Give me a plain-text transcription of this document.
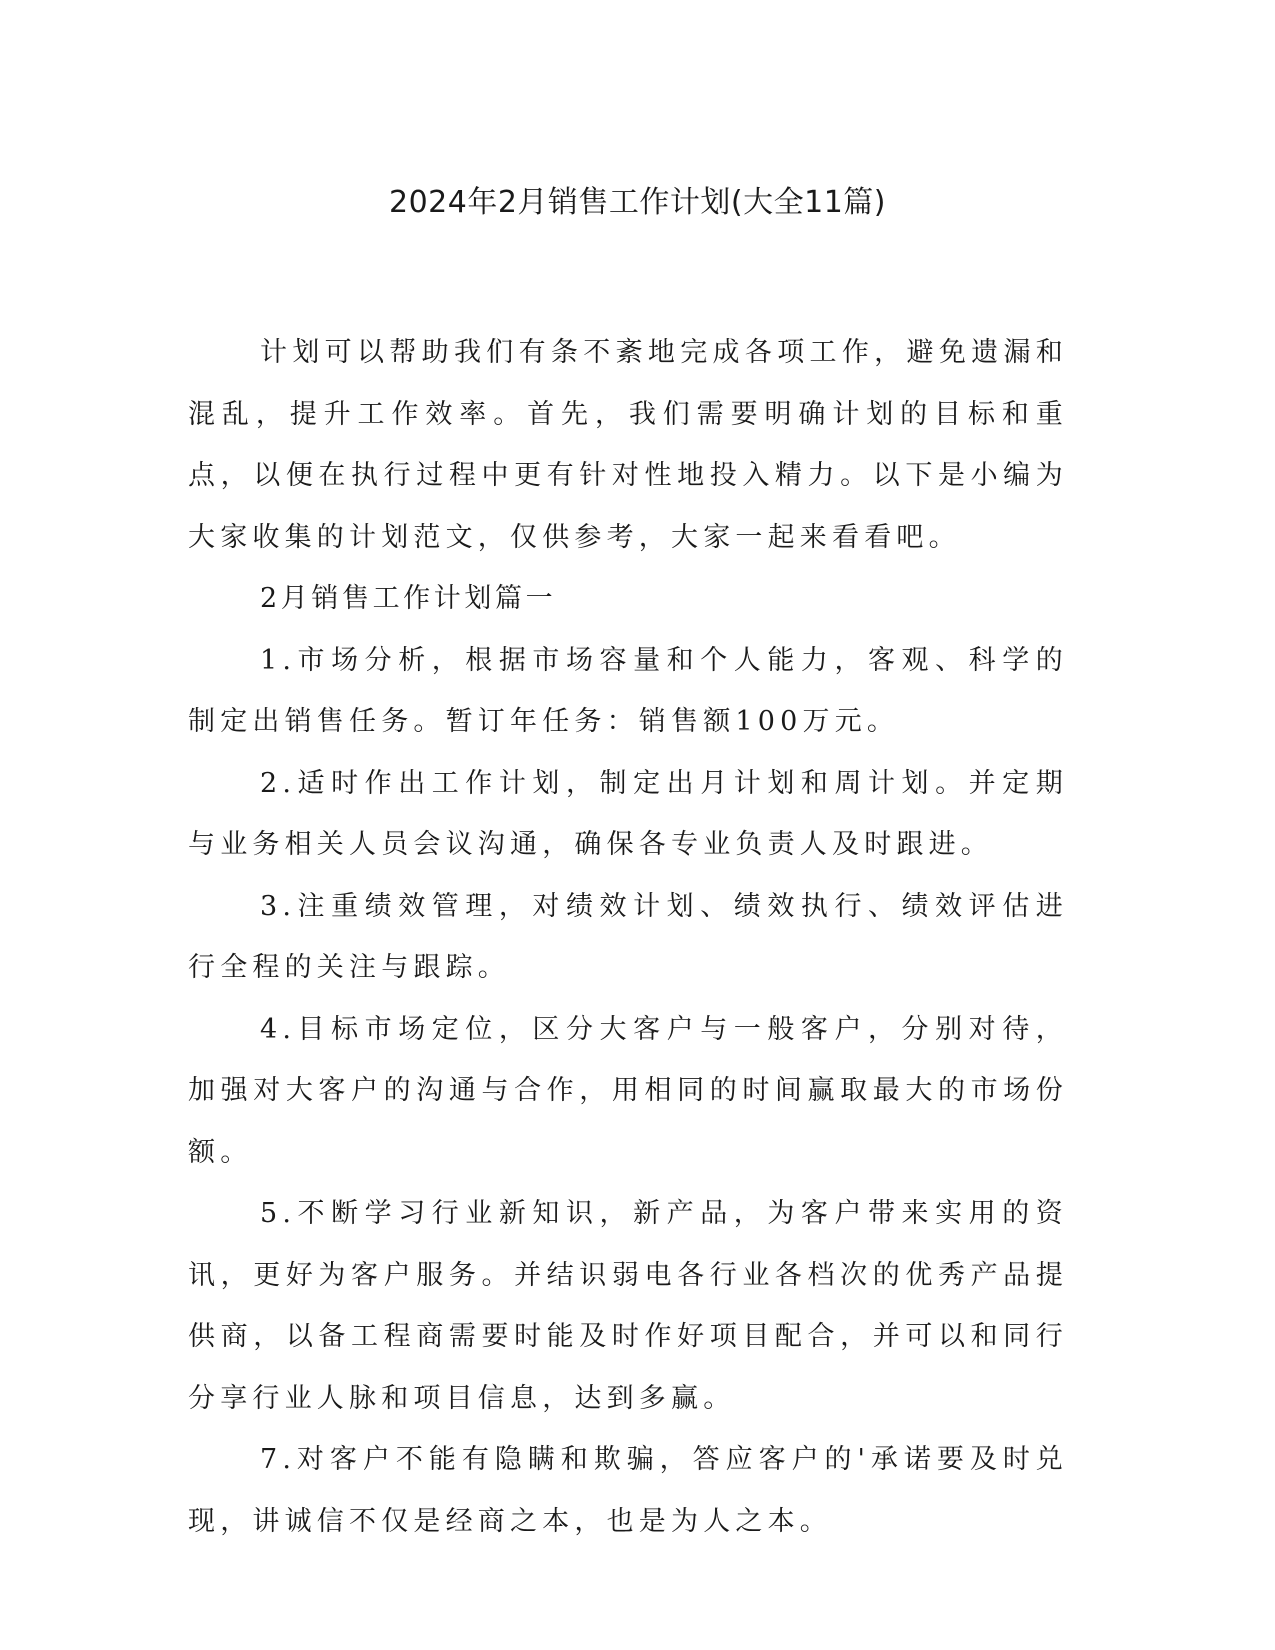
2024年2月销售工作计划(大全11篇)

计划可以帮助我们有条不紊地完成各项工作，避免遗漏和混乱，提升工作效率。首先，我们需要明确计划的目标和重点，以便在执行过程中更有针对性地投入精力。以下是小编为大家收集的计划范文，仅供参考，大家一起来看看吧。

2月销售工作计划篇一

1.市场分析，根据市场容量和个人能力，客观、科学的制定出销售任务。暂订年任务：销售额100万元。

2.适时作出工作计划，制定出月计划和周计划。并定期与业务相关人员会议沟通，确保各专业负责人及时跟进。

3.注重绩效管理，对绩效计划、绩效执行、绩效评估进行全程的关注与跟踪。

4.目标市场定位，区分大客户与一般客户，分别对待，加强对大客户的沟通与合作，用相同的时间赢取最大的市场份额。

5.不断学习行业新知识，新产品，为客户带来实用的资讯，更好为客户服务。并结识弱电各行业各档次的优秀产品提供商，以备工程商需要时能及时作好项目配合，并可以和同行分享行业人脉和项目信息，达到多赢。

7.对客户不能有隐瞒和欺骗，答应客户的'承诺要及时兑现，讲诚信不仅是经商之本，也是为人之本。
